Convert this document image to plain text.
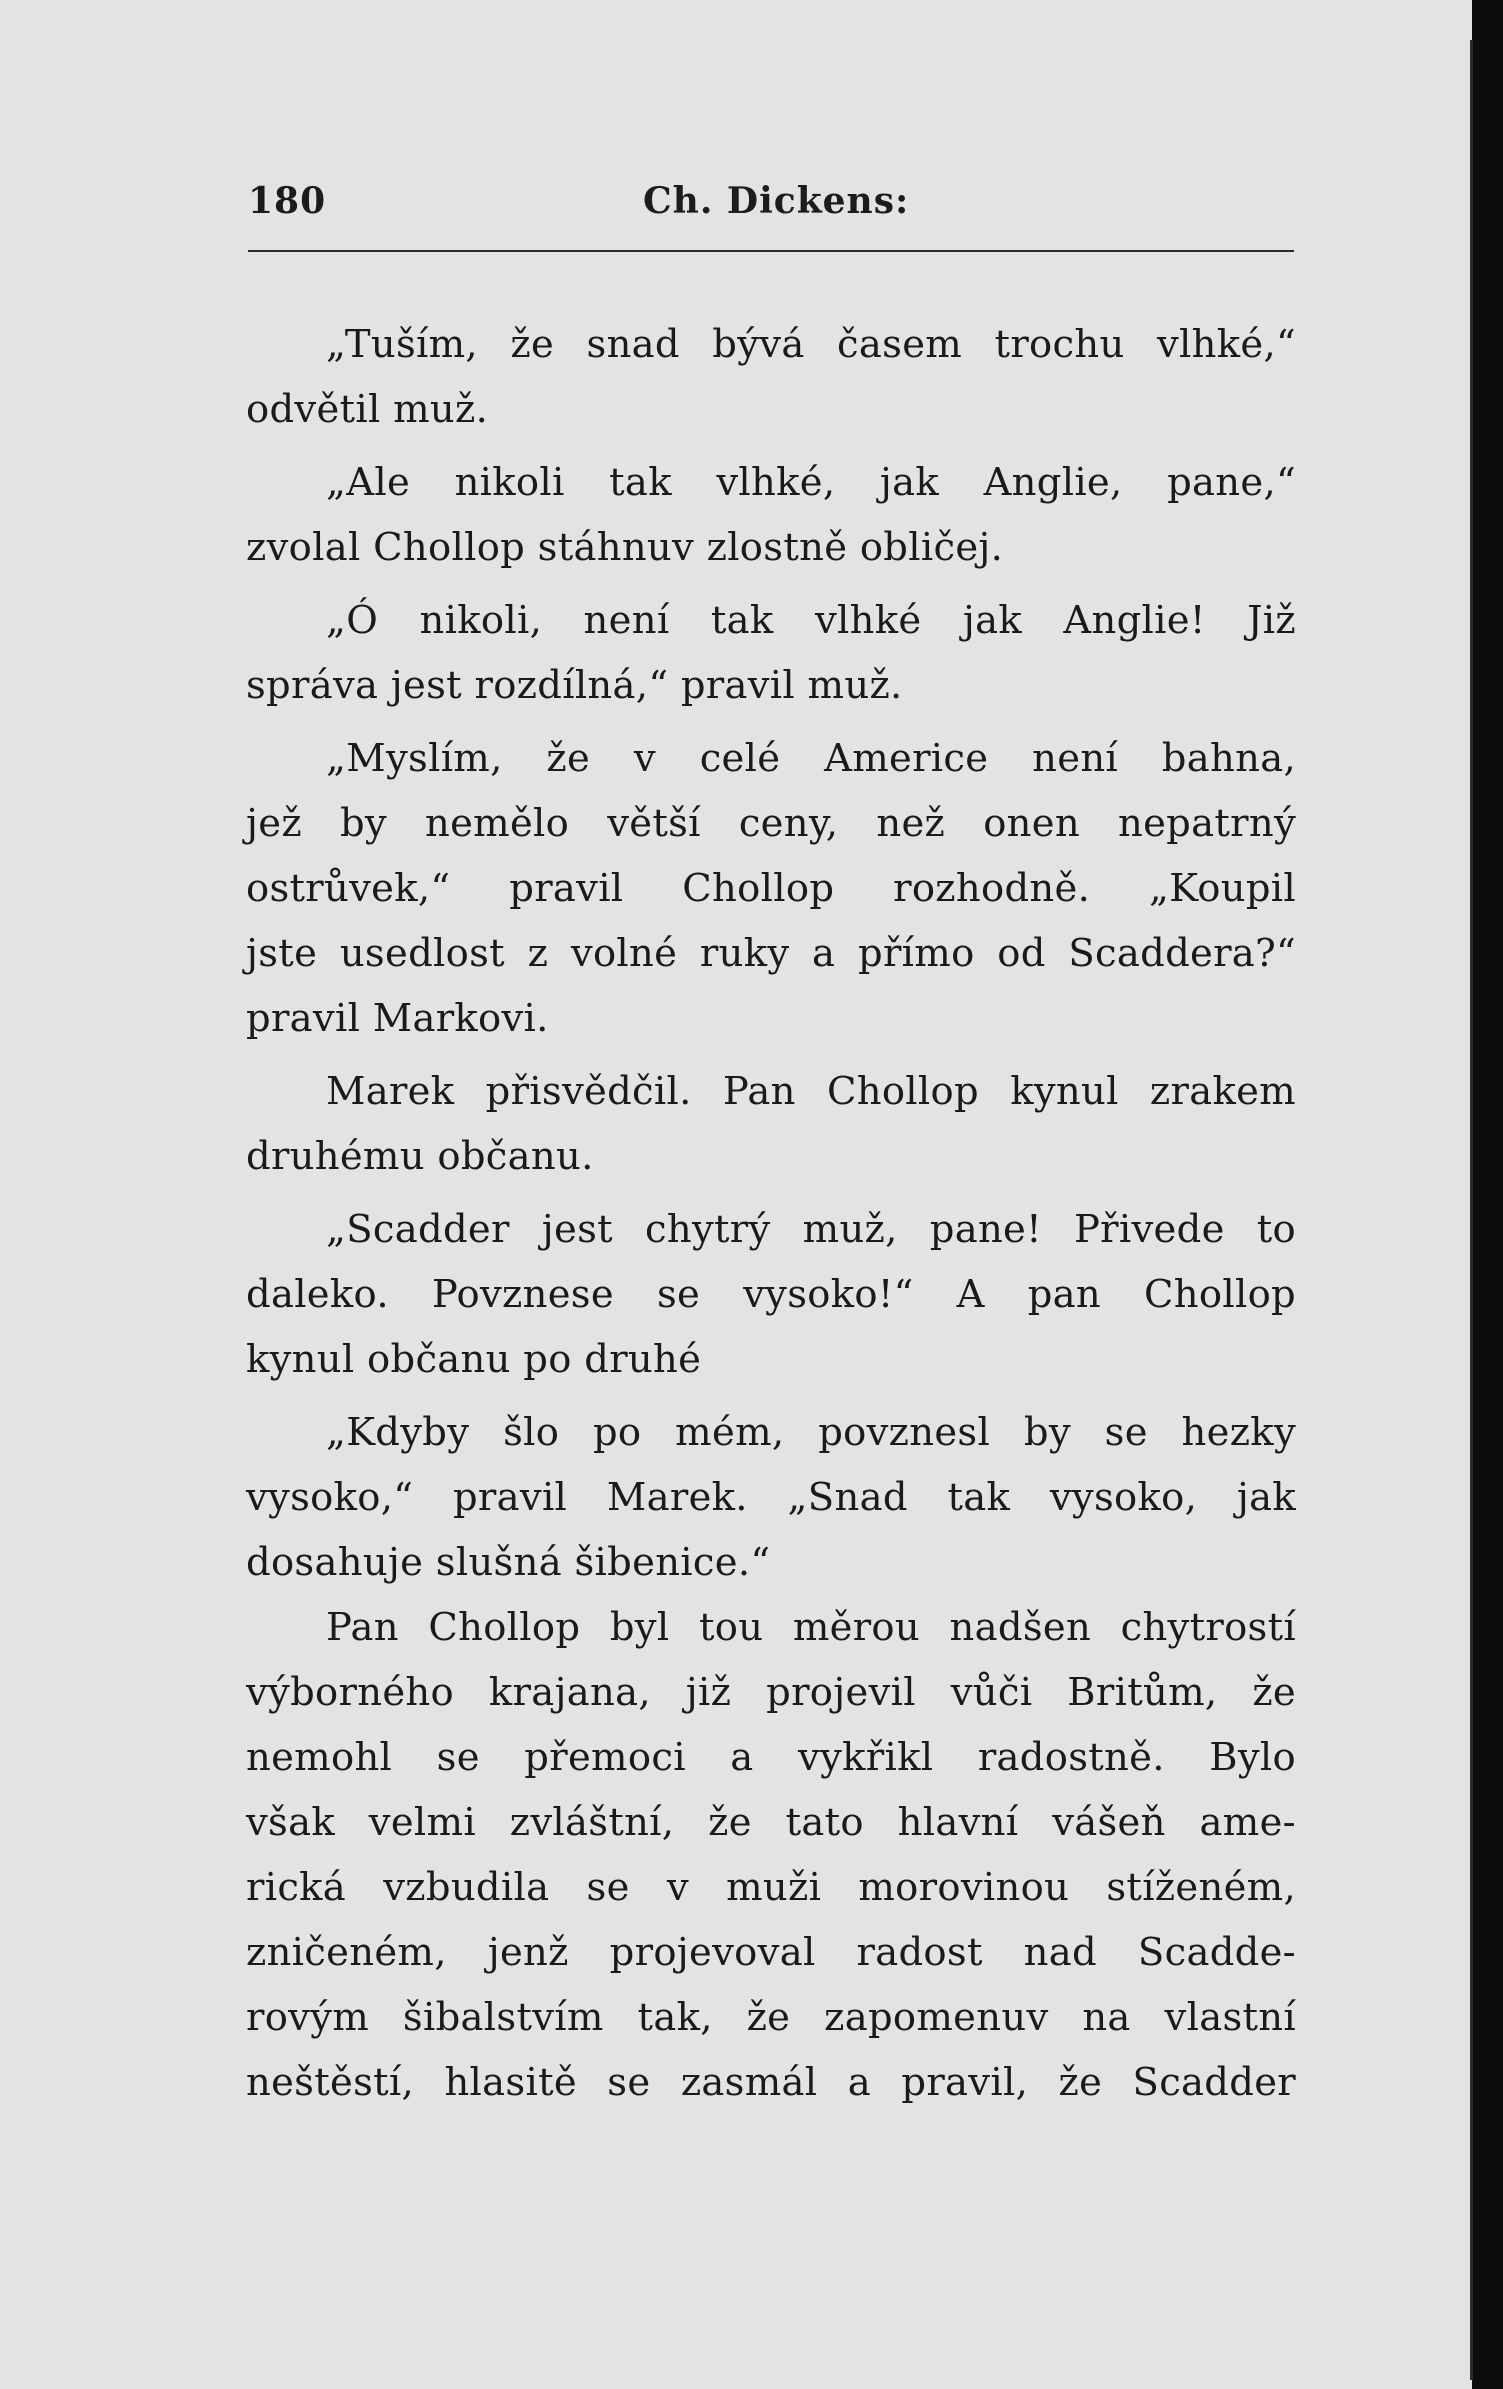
180	Ch. Dickens:

„Tuším, že snad bývá časem trochu vlhké,“
odvětil muž.

„Ale nikoli tak vlhké, jak Anglie, pane,“
zvolal Chollop stáhnuv zlostně obličej.

„Ó nikoli, není tak vlhké jak Anglie! Již
správa jest rozdílná,“ pravil muž.

„Myslím, že v celé Americe není bahna,
jež by nemělo větší ceny, než onen nepatrný
ostrůvek,“ pravil Chollop rozhodně. „Koupil
jste usedlost z volné ruky a přímo od Scaddera?“
pravil Markovi.

Marek přisvědčil. Pan Chollop kynul zrakem
druhému občanu.

„Scadder jest chytrý muž, pane! Přivede to
daleko. Povznese se vysoko!“ A pan Chollop
kynul občanu po druhé

„Kdyby šlo po mém, povznesl by se hezky
vysoko,“ pravil Marek. „Snad tak vysoko, jak
dosahuje slušná šibenice.“

Pan Chollop byl tou měrou nadšen chytrostí
výborného krajana, již projevil vůči Britům, že
nemohl se přemoci a vykřikl radostně. Bylo
však velmi zvláštní, že tato hlavní vášeň ame-
rická vzbudila se v muži morovinou stíženém,
zničeném, jenž projevoval radost nad Scadde-
rovým šibalstvím tak, že zapomenuv na vlastní
neštěstí, hlasitě se zasmál a pravil, že Scadder
